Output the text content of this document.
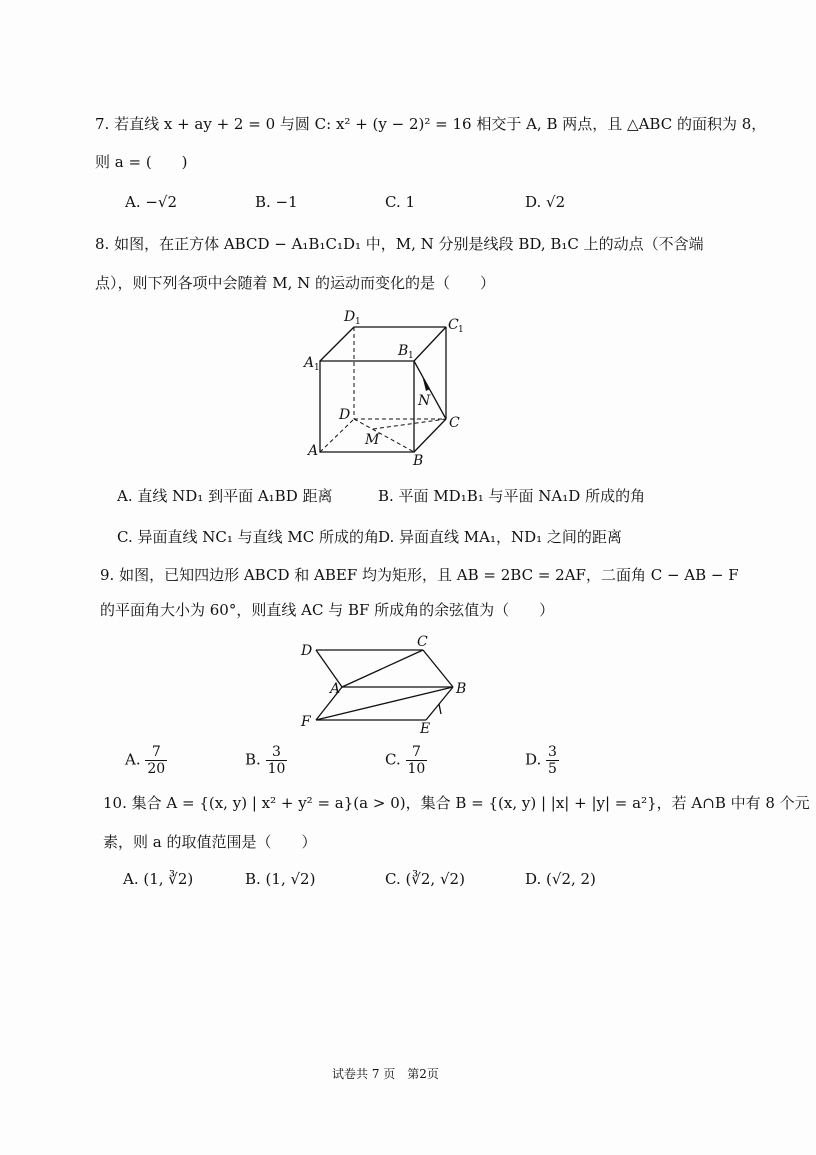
7. 若直线 x + ay + 2 = 0 与圆 C: x² + (y − 2)² = 16 相交于 A, B 两点，且 △ABC 的面积为 8，
则 a = (　　)
A. −√2	B. −1	C. 1	D. √2
8. 如图，在正方体 ABCD − A₁B₁C₁D₁ 中，M, N 分别是线段 BD, B₁C 上的动点（不含端
点），则下列各项中会随着 M, N 的运动而变化的是（　　）
D 1	C 1
A 1
B 1
N
D	C
M
A
B
A. 直线 ND₁ 到平面 A₁BD 距离	B. 平面 MD₁B₁ 与平面 NA₁D 所成的角
C. 异面直线 NC₁ 与直线 MC 所成的角
D. 异面直线 MA₁，ND₁ 之间的距离
9. 如图，已知四边形 ABCD 和 ABEF 均为矩形，且 AB = 2BC = 2AF，二面角 C − AB − F
的平面角大小为 60°，则直线 AC 与 BF 所成角的余弦值为（　　）
D
C
A	B
F	E
A. $\frac{7}{20}$	B. $\frac{3}{10}$	C. $\frac{7}{10}$	D. $\frac{3}{5}$
10. 集合 A = {(x, y) | x² + y² = a}(a > 0)，集合 B = {(x, y) | |x| + |y| = a²}，若 A∩B 中有 8 个元
素，则 a 的取值范围是（　　）
A. (1, ∛2)	B. (1, √2)	C. (∛2, √2)	D. (√2, 2)
试卷共 7 页　第2页
